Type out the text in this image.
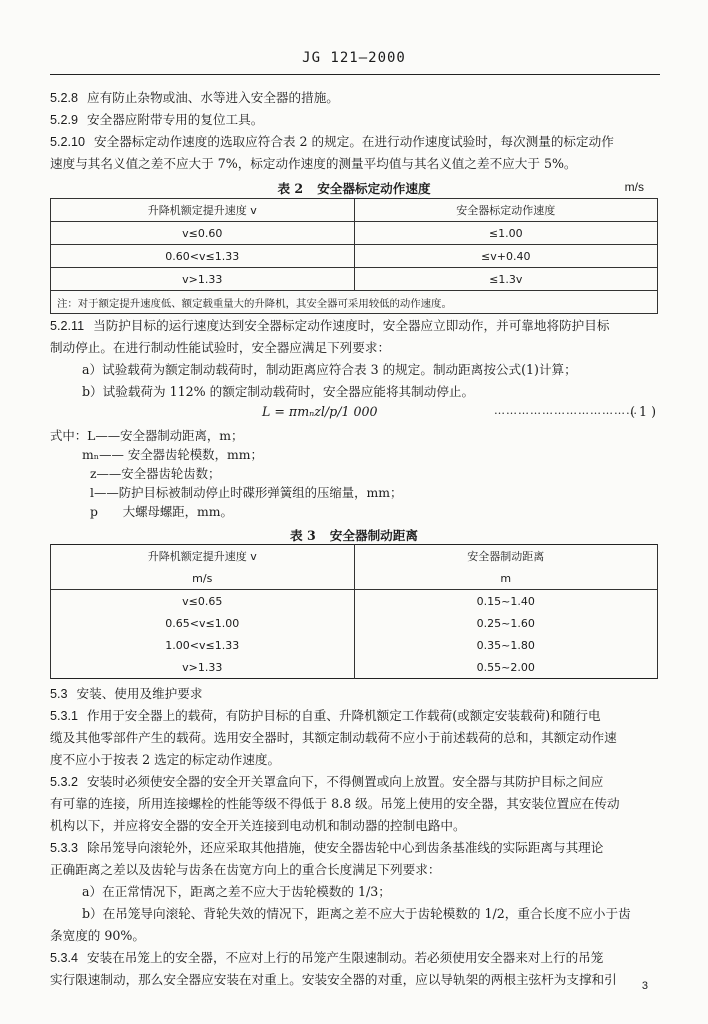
JG 121—2000
5.2.8 应有防止杂物或油、水等进入安全器的措施。
5.2.9 安全器应附带专用的复位工具。
5.2.10 安全器标定动作速度的选取应符合表 2 的规定。在进行动作速度试验时，每次测量的标定动作
速度与其名义值之差不应大于 7%，标定动作速度的测量平均值与其名义值之差不应大于 5%。
表 2 安全器标定动作速度	m/s
升降机额定提升速度 v	安全器标定动作速度
v≤0.60	≤1.00
0.60<v≤1.33	≤v+0.40
v>1.33	≤1.3v
注：对于额定提升速度低、额定载重量大的升降机，其安全器可采用较低的动作速度。	
5.2.11 当防护目标的运行速度达到安全器标定动作速度时，安全器应立即动作，并可靠地将防护目标
制动停止。在进行制动性能试验时，安全器应满足下列要求：
a）试验载荷为额定制动载荷时，制动距离应符合表 3 的规定。制动距离按公式(1)计算；
b）试验载荷为 112% 的额定制动载荷时，安全器应能将其制动停止。
L = πmₙzl/p/1 000	………………………………
( 1 )
式中：L——安全器制动距离，m；
mₙ—— 安全器齿轮模数，mm；
z——安全器齿轮齿数；
l——防护目标被制动停止时碟形弹簧组的压缩量，mm；
p　　大螺母螺距，mm。
表 3 安全器制动距离
升降机额定提升速度 v	安全器制动距离
m/s	m
v≤0.65	0.15~1.40
0.65<v≤1.00	0.25~1.60
1.00<v≤1.33	0.35~1.80
v>1.33	0.55~2.00
5.3 安装、使用及维护要求
5.3.1 作用于安全器上的载荷，有防护目标的自重、升降机额定工作载荷(或额定安装载荷)和随行电
缆及其他零部件产生的载荷。选用安全器时，其额定制动载荷不应小于前述载荷的总和，其额定动作速
度不应小于按表 2 选定的标定动作速度。
5.3.2 安装时必须使安全器的安全开关罩盒向下，不得侧置或向上放置。安全器与其防护目标之间应
有可靠的连接，所用连接螺栓的性能等级不得低于 8.8 级。吊笼上使用的安全器，其安装位置应在传动
机构以下，并应将安全器的安全开关连接到电动机和制动器的控制电路中。
5.3.3 除吊笼导向滚轮外，还应采取其他措施，使安全器齿轮中心到齿条基准线的实际距离与其理论
正确距离之差以及齿轮与齿条在齿宽方向上的重合长度满足下列要求：
a）在正常情况下，距离之差不应大于齿轮模数的 1/3；
b）在吊笼导向滚轮、背轮失效的情况下，距离之差不应大于齿轮模数的 1/2，重合长度不应小于齿
条宽度的 90%。
5.3.4 安装在吊笼上的安全器，不应对上行的吊笼产生限速制动。若必须使用安全器来对上行的吊笼
实行限速制动，那么安全器应安装在对重上。安装安全器的对重，应以导轨架的两根主弦杆为支撑和引 3
